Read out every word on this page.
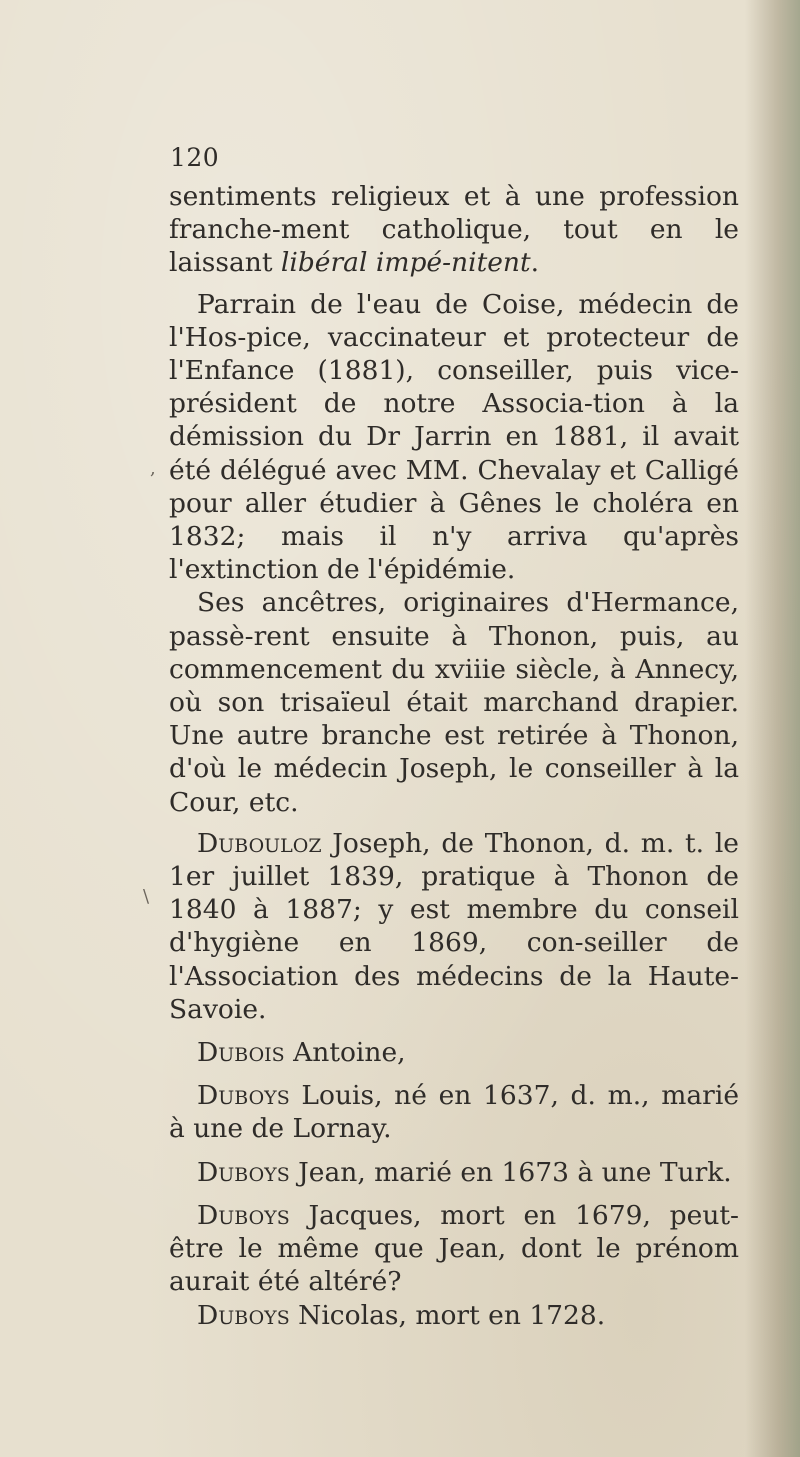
120

sentiments religieux et à une profession franche-ment catholique, tout en le laissant libéral impé-nitent.

Parrain de l'eau de Coise, médecin de l'Hos-pice, vaccinateur et protecteur de l'Enfance (1881), conseiller, puis vice-président de notre Associa-tion à la démission du Dr Jarrin en 1881, il avait été délégué avec MM. Chevalay et Calligé pour aller étudier à Gênes le choléra en 1832; mais il n'y arriva qu'après l'extinction de l'épidémie.

Ses ancêtres, originaires d'Hermance, passè-rent ensuite à Thonon, puis, au commencement du xviiie siècle, à Annecy, où son trisaïeul était marchand drapier. Une autre branche est retirée à Thonon, d'où le médecin Joseph, le conseiller à la Cour, etc.

Dubouloz Joseph, de Thonon, d. m. t. le 1er juillet 1839, pratique à Thonon de 1840 à 1887; y est membre du conseil d'hygiène en 1869, con-seiller de l'Association des médecins de la Haute-Savoie.

Dubois Antoine,

Duboys Louis, né en 1637, d. m., marié à une de Lornay.

Duboys Jean, marié en 1673 à une Turk.

Duboys Jacques, mort en 1679, peut-être le même que Jean, dont le prénom aurait été altéré?

Duboys Nicolas, mort en 1728.

\
,
